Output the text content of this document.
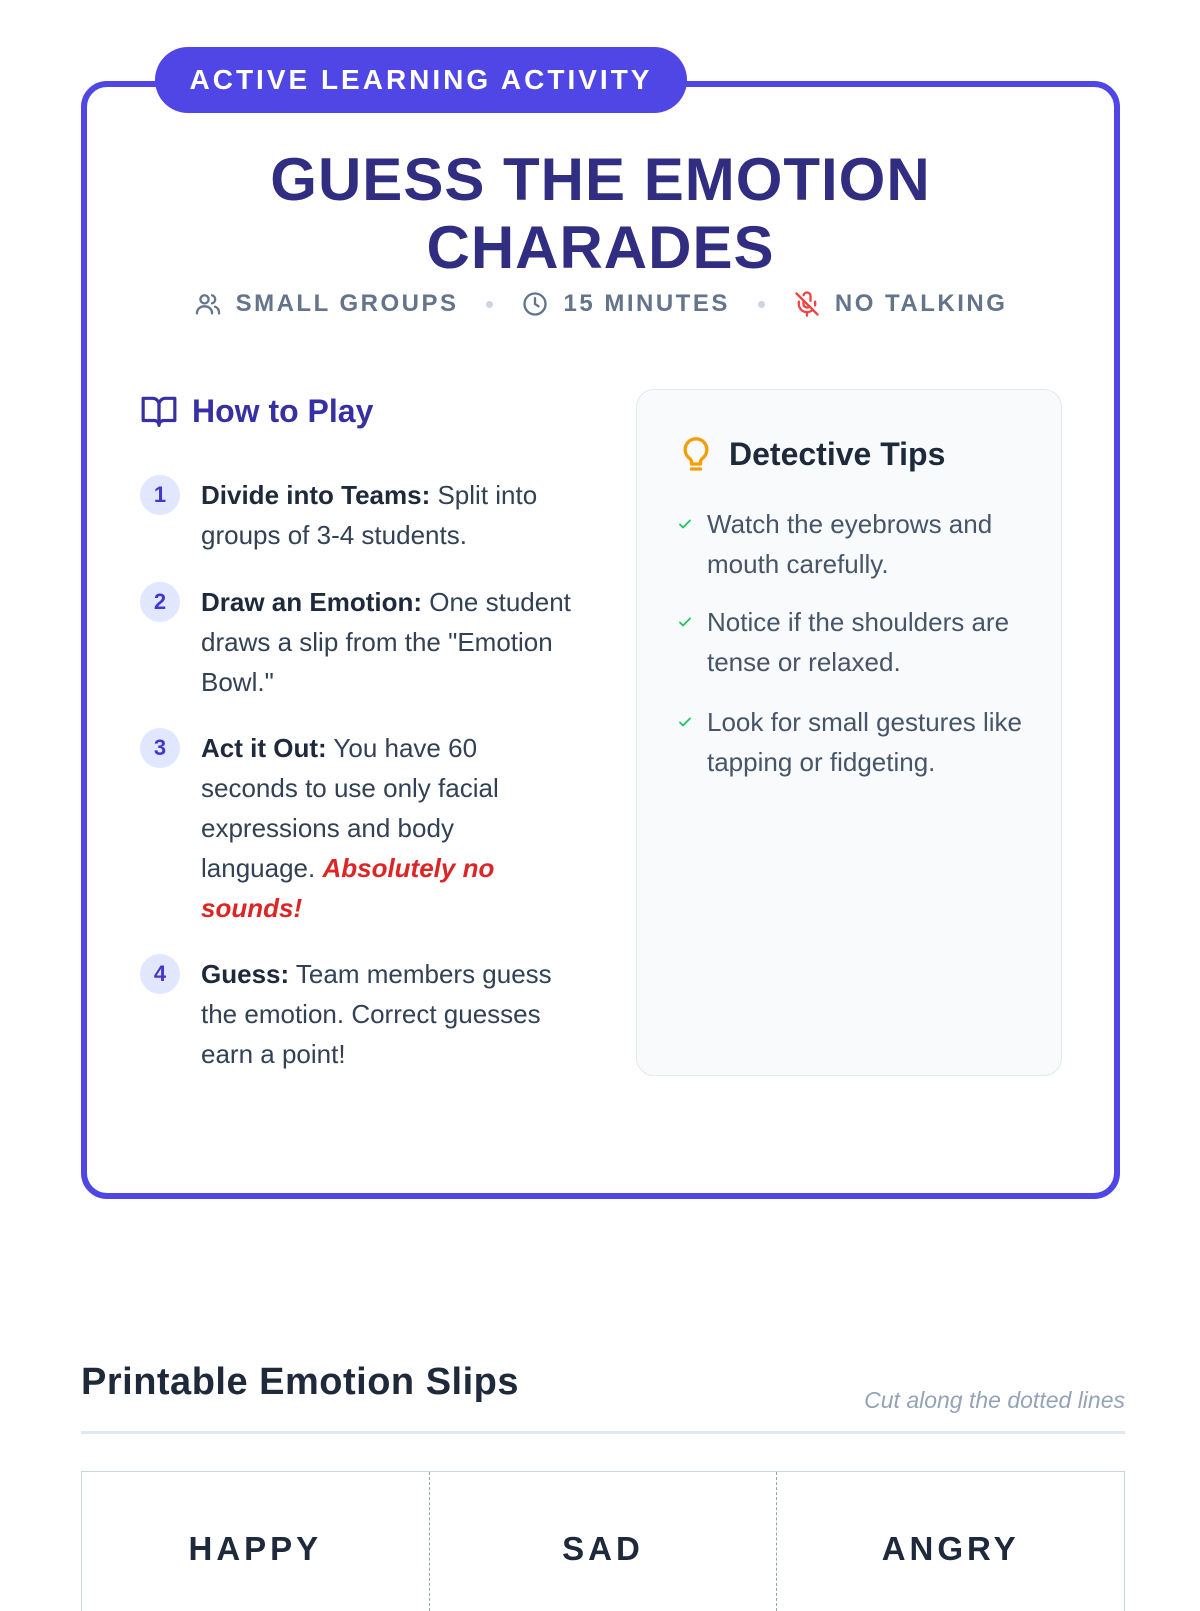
ACTIVE LEARNING ACTIVITY
GUESS THE EMOTION
CHARADES
SMALL GROUPS	15 MINUTES	NO TALKING
How to Play
1	Divide into Teams: Split into groups of 3-4 students.
2	Draw an Emotion: One student draws a slip from the "Emotion Bowl."
3	Act it Out: You have 60 seconds to use only facial expressions and body language. Absolutely no sounds!
4	Guess: Team members guess the emotion. Correct guesses earn a point!
Detective Tips
Watch the eyebrows and mouth carefully.
Notice if the shoulders are tense or relaxed.
Look for small gestures like tapping or fidgeting.
Printable Emotion Slips	Cut along the dotted lines
HAPPY	SAD	ANGRY
